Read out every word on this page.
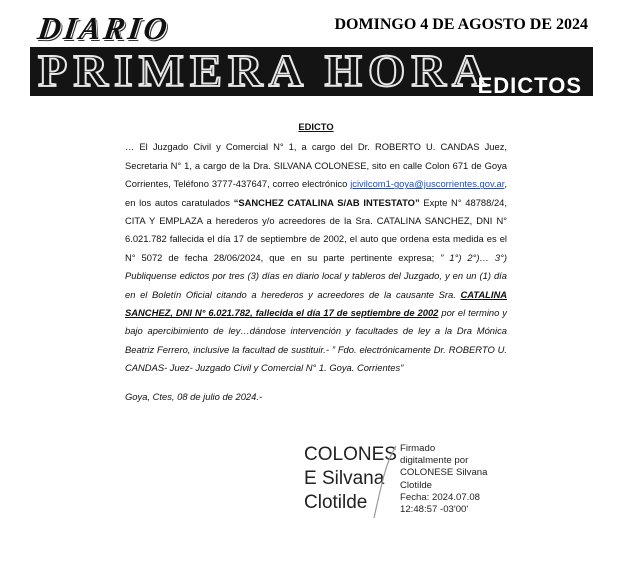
DIARIO	DOMINGO 4 DE AGOSTO DE 2024
PRIMERA HORA
EDICTOS
EDICTO

… El Juzgado Civil y Comercial N° 1, a cargo del Dr. ROBERTO U. CANDAS Juez, Secretaria N° 1, a cargo de la Dra. SILVANA COLONESE, sito en calle Colon 671 de Goya Corrientes, Teléfono 3777-437647, correo electrónico jcivilcom1-goya@juscorrientes.gov.ar, en los autos caratulados “SANCHEZ CATALINA S/AB INTESTATO” Expte N° 48788/24, CITA Y EMPLAZA a herederos y/o acreedores de la Sra. CATALINA SANCHEZ, DNI N° 6.021.782 fallecida el día 17 de septiembre de 2002, el auto que ordena esta medida es el N° 5072 de fecha 28/06/2024, que en su parte pertinente expresa; ” 1°) 2°)… 3°) Publiquense edictos por tres (3) días en diario local y tableros del Juzgado, y en un (1) día en el Boletín Oficial citando a herederos y acreedores de la causante Sra. CATALINA SANCHEZ, DNI N° 6.021.782, fallecida el día 17 de septiembre de 2002 por el termino y bajo apercibimiento de ley…dándose intervención y facultades de ley a la Dra Mónica Beatriz Ferrero, inclusive la facultad de sustituir.- ” Fdo. electrónicamente Dr. ROBERTO U. CANDAS- Juez- Juzgado Civil y Comercial N° 1. Goya. Corrientes”

Goya, Ctes, 08 de julio de 2024.-
COLONES
E Silvana
Clotilde
Firmado
digitalmente por
COLONESE Silvana
Clotilde
Fecha: 2024.07.08
12:48:57 -03'00'
